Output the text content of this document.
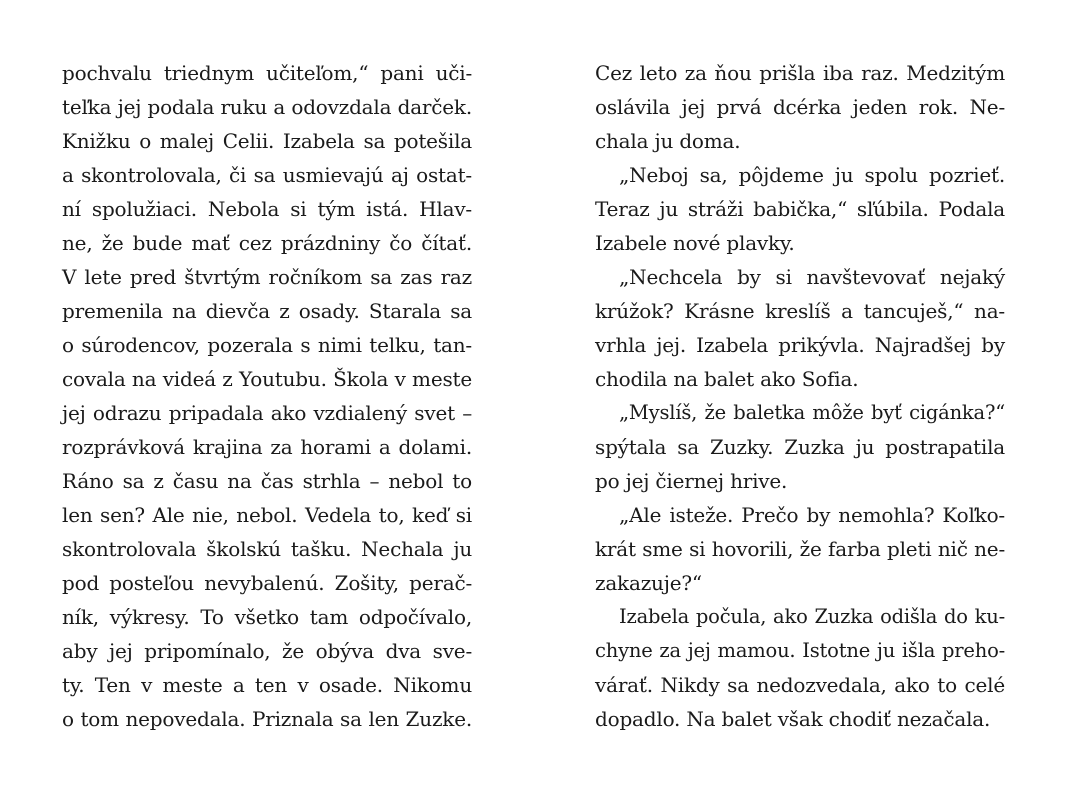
pochvalu triednym učiteľom,“ pani uči-
teľka jej podala ruku a odovzdala darček.
Knižku o malej Celii. Izabela sa potešila
a skontrolovala, či sa usmievajú aj ostat-
ní spolužiaci. Nebola si tým istá. Hlav-
ne, že bude mať cez prázdniny čo čítať.
V lete pred štvrtým ročníkom sa zas raz
premenila na dievča z osady. Starala sa
o súrodencov, pozerala s nimi telku, tan-
covala na videá z Youtubu. Škola v meste
jej odrazu pripadala ako vzdialený svet –
rozprávková krajina za horami a dolami.
Ráno sa z času na čas strhla – nebol to
len sen? Ale nie, nebol. Vedela to, keď si
skontrolovala školskú tašku. Nechala ju
pod posteľou nevybalenú. Zošity, perač-
ník, výkresy. To všetko tam odpočívalo,
aby jej pripomínalo, že obýva dva sve-
ty. Ten v meste a ten v osade. Nikomu
o tom nepovedala. Priznala sa len Zuzke.
Cez leto za ňou prišla iba raz. Medzitým
oslávila jej prvá dcérka jeden rok. Ne-
chala ju doma.
„Neboj sa, pôjdeme ju spolu pozrieť.
Teraz ju stráži babička,“ sľúbila. Podala
Izabele nové plavky.
„Nechcela by si navštevovať nejaký
krúžok? Krásne kreslíš a tancuješ,“ na-
vrhla jej. Izabela prikývla. Najradšej by
chodila na balet ako Sofia.
„Myslíš, že baletka môže byť cigánka?“
spýtala sa Zuzky. Zuzka ju postrapatila
po jej čiernej hrive.
„Ale isteže. Prečo by nemohla? Koľko-
krát sme si hovorili, že farba pleti nič ne-
zakazuje?“
Izabela počula, ako Zuzka odišla do ku-
chyne za jej mamou. Istotne ju išla preho-
várať. Nikdy sa nedozvedala, ako to celé
dopadlo. Na balet však chodiť nezačala.
